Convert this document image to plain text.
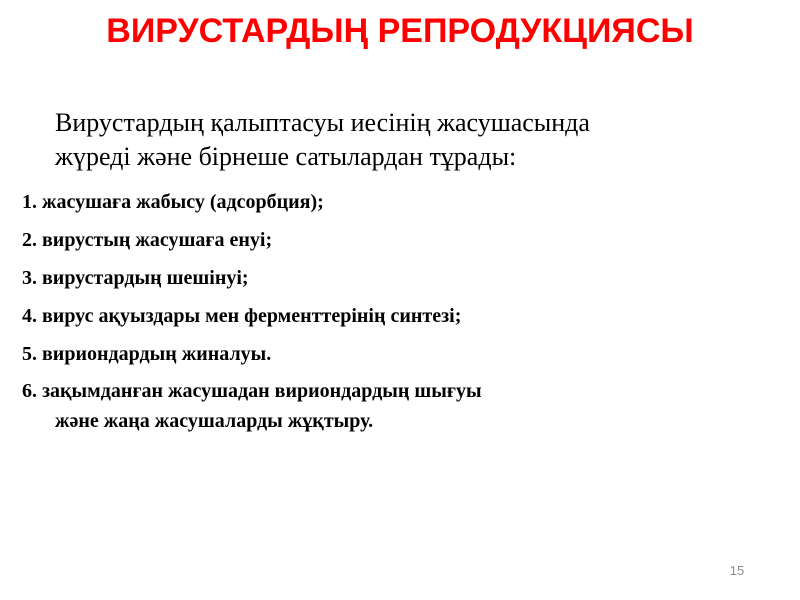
ВИРУСТАРДЫҢ РЕПРОДУКЦИЯСЫ

Вирустардың қалыптасуы иесінің жасушасында
жүреді және бірнеше сатылардан тұрады:

1. жасушаға жабысу (адсорбция);
2. вирустың жасушаға енуі;
3. вирустардың шешінуі;
4. вирус ақуыздары мен ферменттерінің синтезі;
5. вириондардың жиналуы.
6. зақымданған жасушадан вириондардың шығуы
және жаңа жасушаларды жұқтыру.
15
